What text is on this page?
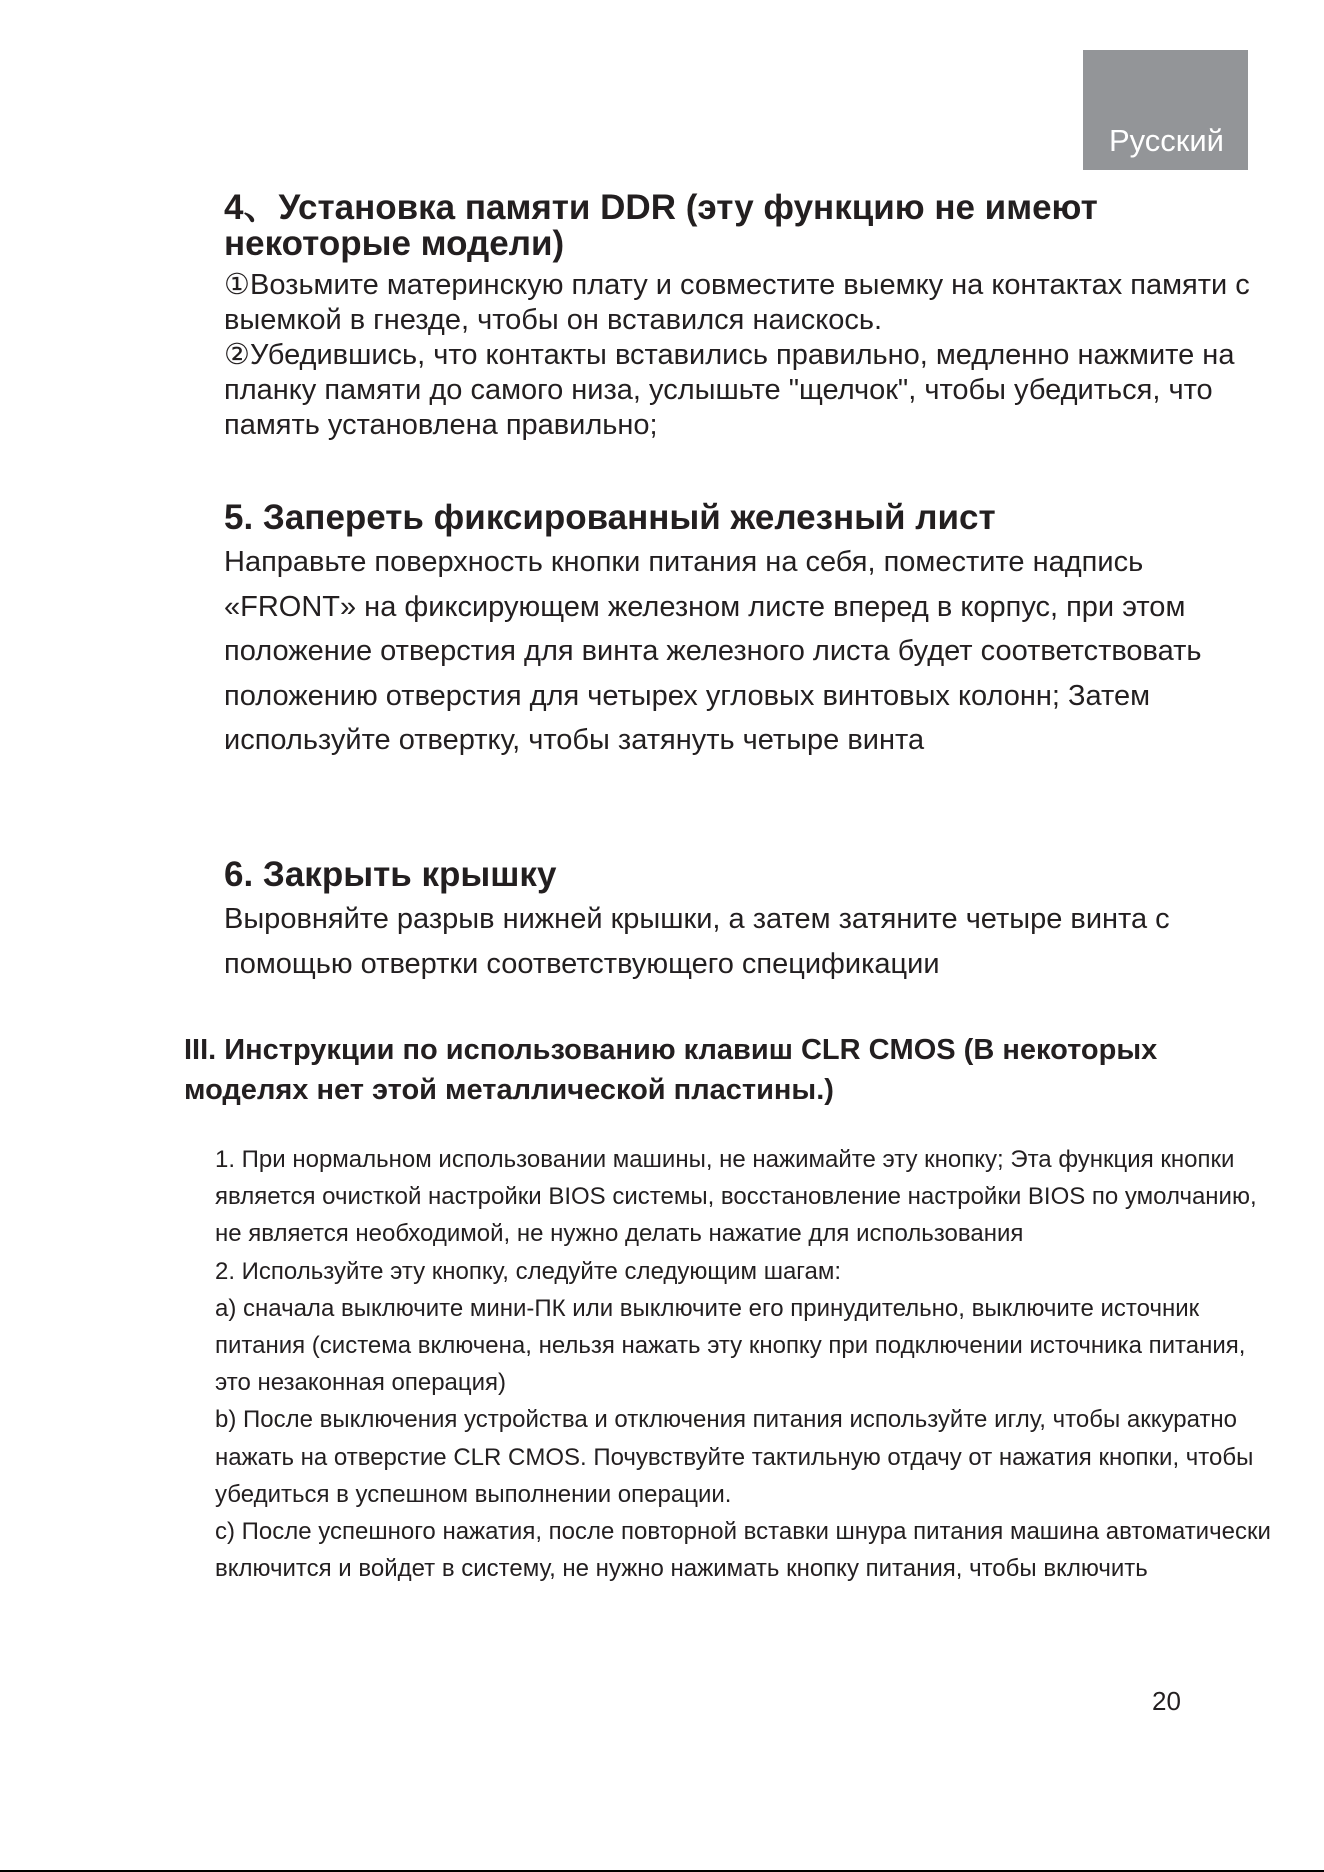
Русский
4、Установка памяти DDR (эту функцию не имеют некоторые модели)

①Возьмите материнскую плату и совместите выемку на контактах памяти с выемкой в гнезде, чтобы он вставился наискось.

②Убедившись, что контакты вставились правильно, медленно нажмите на планку памяти до самого низа, услышьте "щелчок", чтобы убедиться, что память установлена правильно;

5. Запереть фиксированный железный лист

Направьте поверхность кнопки питания на себя, поместите надпись «FRONT» на фиксирующем железном листе вперед в корпус, при этом положение отверстия для винта железного листа будет соответствовать положению отверстия для четырех угловых винтовых колонн; Затем используйте отвертку, чтобы затянуть четыре винта

6. Закрыть крышку

Выровняйте разрыв нижней крышки, а затем затяните четыре винта с помощью отвертки соответствующего спецификации

III. Инструкции по использованию клавиш CLR CMOS (В некоторых моделях нет этой металлической пластины.)

1. При нормальном использовании машины, не нажимайте эту кнопку; Эта функция кнопки является очисткой настройки BIOS системы, восстановление настройки BIOS по умолчанию, не является необходимой, не нужно делать нажатие для использования

2. Используйте эту кнопку, следуйте следующим шагам:

a) сначала выключите мини-ПК или выключите его принудительно, выключите источник питания (система включена, нельзя нажать эту кнопку при подключении источника питания, это незаконная операция)

b) После выключения устройства и отключения питания используйте иглу, чтобы аккуратно нажать на отверстие CLR CMOS. Почувствуйте тактильную отдачу от нажатия кнопки, чтобы убедиться в успешном выполнении операции.

c) После успешного нажатия, после повторной вставки шнура питания машина автоматически включится и войдет в систему, не нужно нажимать кнопку питания, чтобы включить

20
